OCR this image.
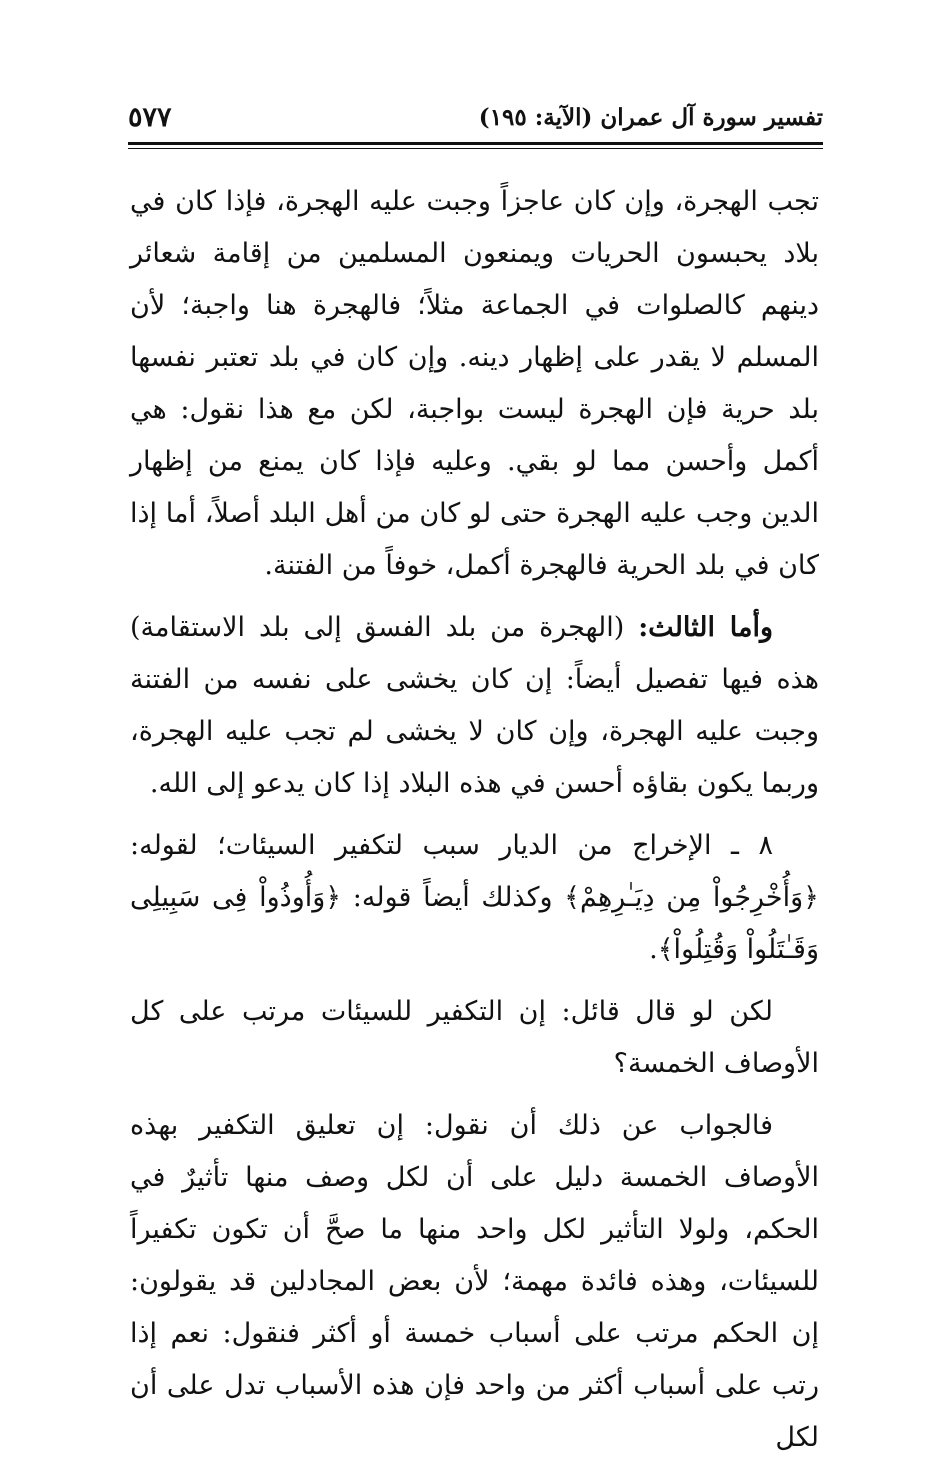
تفسير سورة آل عمران (الآية: ١٩٥)
٥٧٧

تجب الهجرة، وإن كان عاجزاً وجبت عليه الهجرة، فإذا كان في بلاد يحبسون الحريات ويمنعون المسلمين من إقامة شعائر دينهم كالصلوات في الجماعة مثلاً؛ فالهجرة هنا واجبة؛ لأن المسلم لا يقدر على إظهار دينه. وإن كان في بلد تعتبر نفسها بلد حرية فإن الهجرة ليست بواجبة، لكن مع هذا نقول: هي أكمل وأحسن مما لو بقي. وعليه فإذا كان يمنع من إظهار الدين وجب عليه الهجرة حتى لو كان من أهل البلد أصلاً، أما إذا كان في بلد الحرية فالهجرة أكمل، خوفاً من الفتنة.

وأما الثالث: (الهجرة من بلد الفسق إلى بلد الاستقامة) هذه فيها تفصيل أيضاً: إن كان يخشى على نفسه من الفتنة وجبت عليه الهجرة، وإن كان لا يخشى لم تجب عليه الهجرة، وربما يكون بقاؤه أحسن في هذه البلاد إذا كان يدعو إلى الله.

٨ ـ الإخراج من الديار سبب لتكفير السيئات؛ لقوله: ﴿وَأُخْرِجُواْ مِن دِيَـٰرِهِمْ﴾ وكذلك أيضاً قوله: ﴿وَأُوذُواْ فِى سَبِيلِى وَقَـٰتَلُواْ وَقُتِلُواْ﴾.

لكن لو قال قائل: إن التكفير للسيئات مرتب على كل الأوصاف الخمسة؟

فالجواب عن ذلك أن نقول: إن تعليق التكفير بهذه الأوصاف الخمسة دليل على أن لكل وصف منها تأثيرٌ في الحكم، ولولا التأثير لكل واحد منها ما صحَّ أن تكون تكفيراً للسيئات، وهذه فائدة مهمة؛ لأن بعض المجادلين قد يقولون: إن الحكم مرتب على أسباب خمسة أو أكثر فنقول: نعم إذا رتب على أسباب أكثر من واحد فإن هذه الأسباب تدل على أن لكل
